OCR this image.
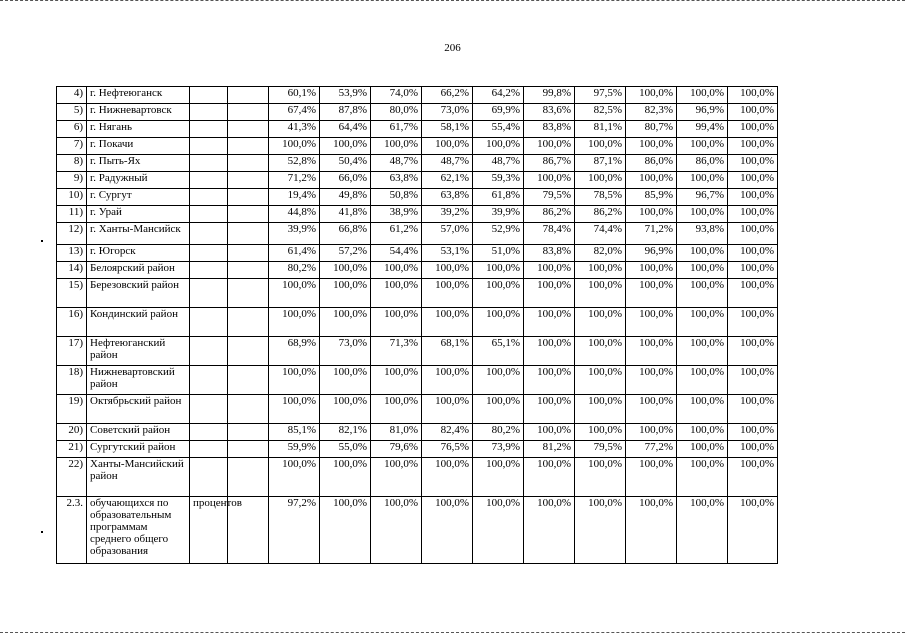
206
4)	г. Нефтеюганск			60,1%	53,9%	74,0%	66,2%	64,2%	99,8%	97,5%	100,0%	100,0%	100,0%
5)	г. Нижневартовск			67,4%	87,8%	80,0%	73,0%	69,9%	83,6%	82,5%	82,3%	96,9%	100,0%
6)	г. Нягань			41,3%	64,4%	61,7%	58,1%	55,4%	83,8%	81,1%	80,7%	99,4%	100,0%
7)	г. Покачи			100,0%	100,0%	100,0%	100,0%	100,0%	100,0%	100,0%	100,0%	100,0%	100,0%
8)	г. Пыть-Ях			52,8%	50,4%	48,7%	48,7%	48,7%	86,7%	87,1%	86,0%	86,0%	100,0%
9)	г. Радужный			71,2%	66,0%	63,8%	62,1%	59,3%	100,0%	100,0%	100,0%	100,0%	100,0%
10)	г. Сургут			19,4%	49,8%	50,8%	63,8%	61,8%	79,5%	78,5%	85,9%	96,7%	100,0%
11)	г. Урай			44,8%	41,8%	38,9%	39,2%	39,9%	86,2%	86,2%	100,0%	100,0%	100,0%
12)	г. Ханты-Мансийск			39,9%	66,8%	61,2%	57,0%	52,9%	78,4%	74,4%	71,2%	93,8%	100,0%
13)	г. Югорск			61,4%	57,2%	54,4%	53,1%	51,0%	83,8%	82,0%	96,9%	100,0%	100,0%
14)	Белоярский район			80,2%	100,0%	100,0%	100,0%	100,0%	100,0%	100,0%	100,0%	100,0%	100,0%
15)	Березовский район			100,0%	100,0%	100,0%	100,0%	100,0%	100,0%	100,0%	100,0%	100,0%	100,0%
16)	Кондинский район			100,0%	100,0%	100,0%	100,0%	100,0%	100,0%	100,0%	100,0%	100,0%	100,0%
17)	Нефтеюганский район			68,9%	73,0%	71,3%	68,1%	65,1%	100,0%	100,0%	100,0%	100,0%	100,0%
18)	Нижневартовский район			100,0%	100,0%	100,0%	100,0%	100,0%	100,0%	100,0%	100,0%	100,0%	100,0%
19)	Октябрьский район			100,0%	100,0%	100,0%	100,0%	100,0%	100,0%	100,0%	100,0%	100,0%	100,0%
20)	Советский район			85,1%	82,1%	81,0%	82,4%	80,2%	100,0%	100,0%	100,0%	100,0%	100,0%
21)	Сургутский район			59,9%	55,0%	79,6%	76,5%	73,9%	81,2%	79,5%	77,2%	100,0%	100,0%
22)	Ханты-Мансийский район			100,0%	100,0%	100,0%	100,0%	100,0%	100,0%	100,0%	100,0%	100,0%	100,0%
2.3.	обучающихся по образовательным программам среднего общего образования	процентов		97,2%	100,0%	100,0%	100,0%	100,0%	100,0%	100,0%	100,0%	100,0%	100,0%
